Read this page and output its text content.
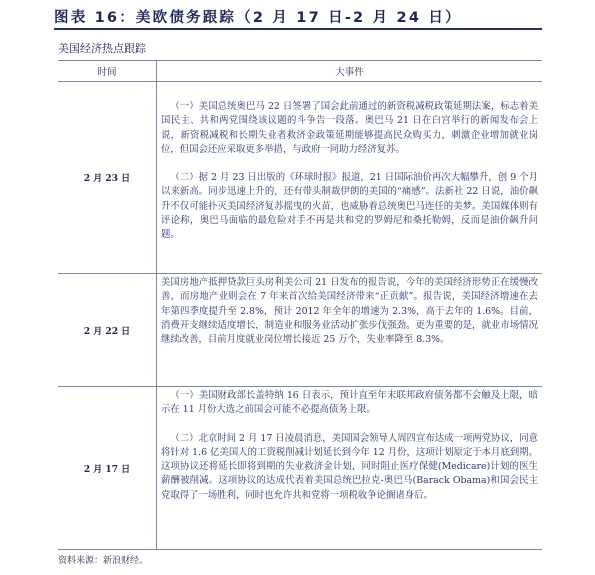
图表 16：美欧债务跟踪（2 月 17 日-2 月 24 日）
美国经济热点跟踪
时间	大事件
2 月 23 日	（一）美国总统奥巴马 22 日签署了国会此前通过的新资税减税政策延期法案，标志着美国民主、共和两党围绕该议题的斗争告一段落。奥巴马 21 日在白宫举行的新闻发布会上说，新资税减税和长期失业者救济金政策延期能够提高民众购买力，刺激企业增加就业岗位，但国会还应采取更多举措，与政府一同助力经济复苏。

（二）据 2 月 23 日出版的《环球时报》报道，21 日国际油价再次大幅攀升，创 9 个月以来新高。同步迅速上升的，还有带头制裁伊朗的美国的“痛感”。法新社 22 日说，油价飙升不仅可能扑灭美国经济复苏摇曳的火苗，也威胁着总统奥巴马连任的美梦。美国媒体则有评论称，奥巴马面临的最危险对手不再是共和党的罗姆尼和桑托勒姆，反而是油价飙升问题。

2 月 22 日	美国房地产抵押贷款巨头房利美公司 21 日发布的报告说，今年的美国经济形势正在缓慢改善，而房地产业则会在 7 年来首次给美国经济带来“正贡献”。报告说，美国经济增速在去年第四季度提升至 2.8%，预计 2012 年全年的增速为 2.3%，高于去年的 1.6%。目前，消费开支继续适度增长，制造业和服务业活动扩张步伐强劲。更为重要的是，就业市场情况继续改善，目前月度就业岗位增长接近 25 万个，失业率降至 8.3%。

2 月 17 日	（一）美国财政部长盖特纳 16 日表示，预计直至年末联邦政府债务都不会触及上限，暗示在 11 月份大选之前国会可能不必提高债务上限。

（二）北京时间 2 月 17 日凌晨消息，美国国会领导人周四宣布达成一项两党协议，同意将针对 1.6 亿美国人的工资税削减计划延长到今年 12 月份，这项计划原定于本月底到期。这项协议还将延长即将到期的失业救济金计划，同时阻止医疗保健(Medicare)计划的医生薪酬被削减。这项协议的达成代表着美国总统巴拉克-奥巴马(Barack Obama)和国会民主党取得了一场胜利，同时也允许共和党将一项税收争论搁诸身后。

资料来源：新浪财经。
